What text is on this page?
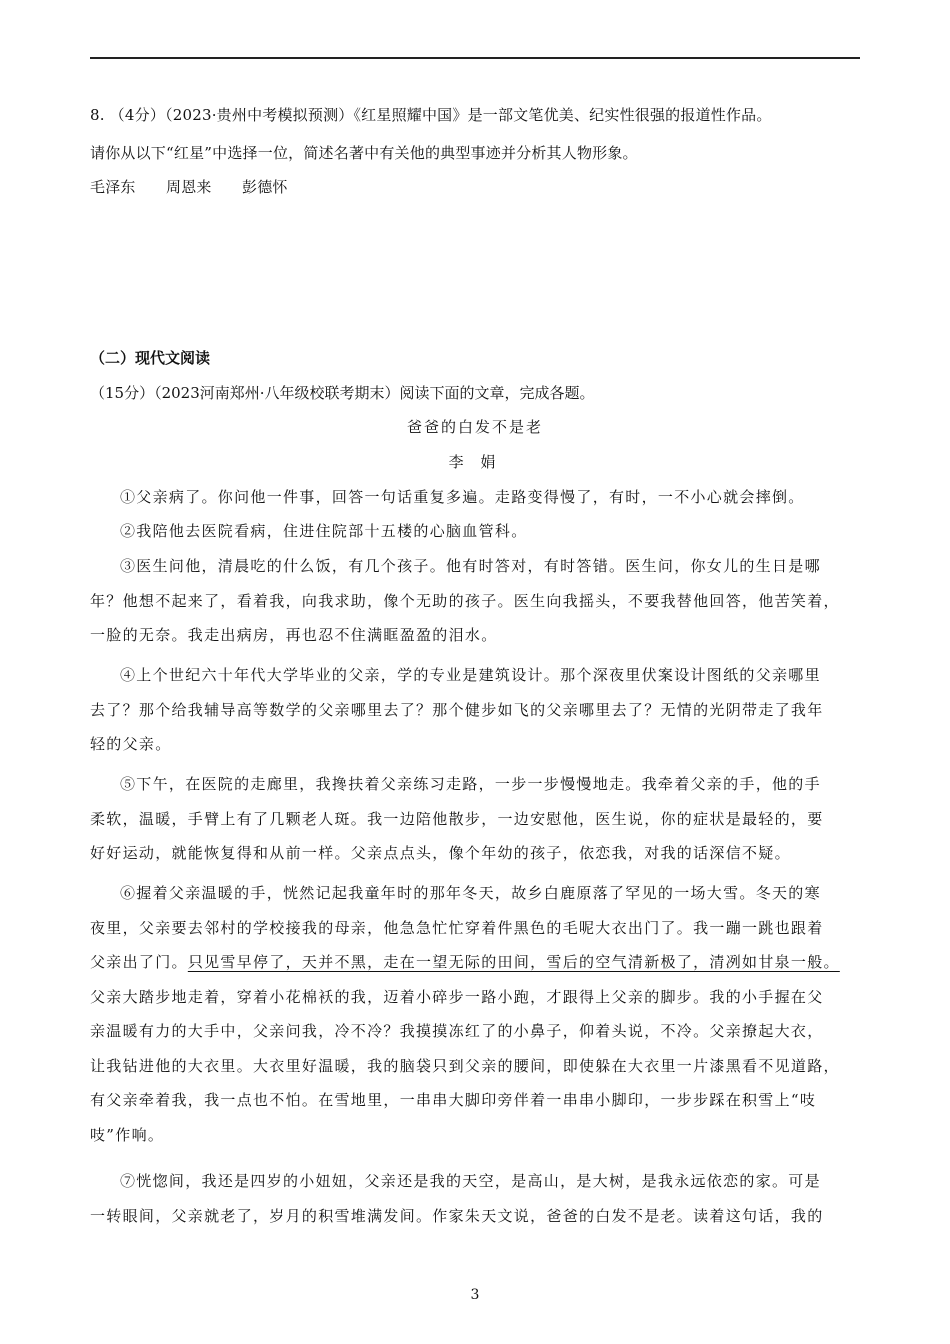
8. （4分）（2023·贵州中考模拟预测）《红星照耀中国》是一部文笔优美、纪实性很强的报道性作品。
请你从以下“红星”中选择一位，简述名著中有关他的典型事迹并分析其人物形象。
毛泽东　　周恩来　　彭德怀
（二）现代文阅读
（15分）（2023河南郑州·八年级校联考期末）阅读下面的文章，完成各题。
爸爸的白发不是老
李 娟
①父亲病了。你问他一件事，回答一句话重复多遍。走路变得慢了，有时，一不小心就会摔倒。
②我陪他去医院看病，住进住院部十五楼的心脑血管科。
③医生问他，清晨吃的什么饭，有几个孩子。他有时答对，有时答错。医生问，你女儿的生日是哪
年？他想不起来了，看着我，向我求助，像个无助的孩子。医生向我摇头，不要我替他回答，他苦笑着，
一脸的无奈。我走出病房，再也忍不住满眶盈盈的泪水。
④上个世纪六十年代大学毕业的父亲，学的专业是建筑设计。那个深夜里伏案设计图纸的父亲哪里
去了？那个给我辅导高等数学的父亲哪里去了？那个健步如飞的父亲哪里去了？无情的光阴带走了我年
轻的父亲。
⑤下午，在医院的走廊里，我搀扶着父亲练习走路，一步一步慢慢地走。我牵着父亲的手，他的手
柔软，温暖，手臂上有了几颗老人斑。我一边陪他散步，一边安慰他，医生说，你的症状是最轻的，要
好好运动，就能恢复得和从前一样。父亲点点头，像个年幼的孩子，依恋我，对我的话深信不疑。
⑥握着父亲温暖的手，恍然记起我童年时的那年冬天，故乡白鹿原落了罕见的一场大雪。冬天的寒
夜里，父亲要去邻村的学校接我的母亲，他急急忙忙穿着件黑色的毛呢大衣出门了。我一蹦一跳也跟着
父亲出了门。只见雪早停了，天并不黑，走在一望无际的田间，雪后的空气清新极了，清冽如甘泉一般。
父亲大踏步地走着，穿着小花棉袄的我，迈着小碎步一路小跑，才跟得上父亲的脚步。我的小手握在父
亲温暖有力的大手中，父亲问我，冷不冷？我摸摸冻红了的小鼻子，仰着头说，不冷。父亲撩起大衣，
让我钻进他的大衣里。大衣里好温暖，我的脑袋只到父亲的腰间，即使躲在大衣里一片漆黑看不见道路，
有父亲牵着我，我一点也不怕。在雪地里，一串串大脚印旁伴着一串串小脚印，一步步踩在积雪上“吱
吱”作响。
⑦恍惚间，我还是四岁的小妞妞，父亲还是我的天空，是高山，是大树，是我永远依恋的家。可是
一转眼间，父亲就老了，岁月的积雪堆满发间。作家朱天文说，爸爸的白发不是老。读着这句话，我的
3
